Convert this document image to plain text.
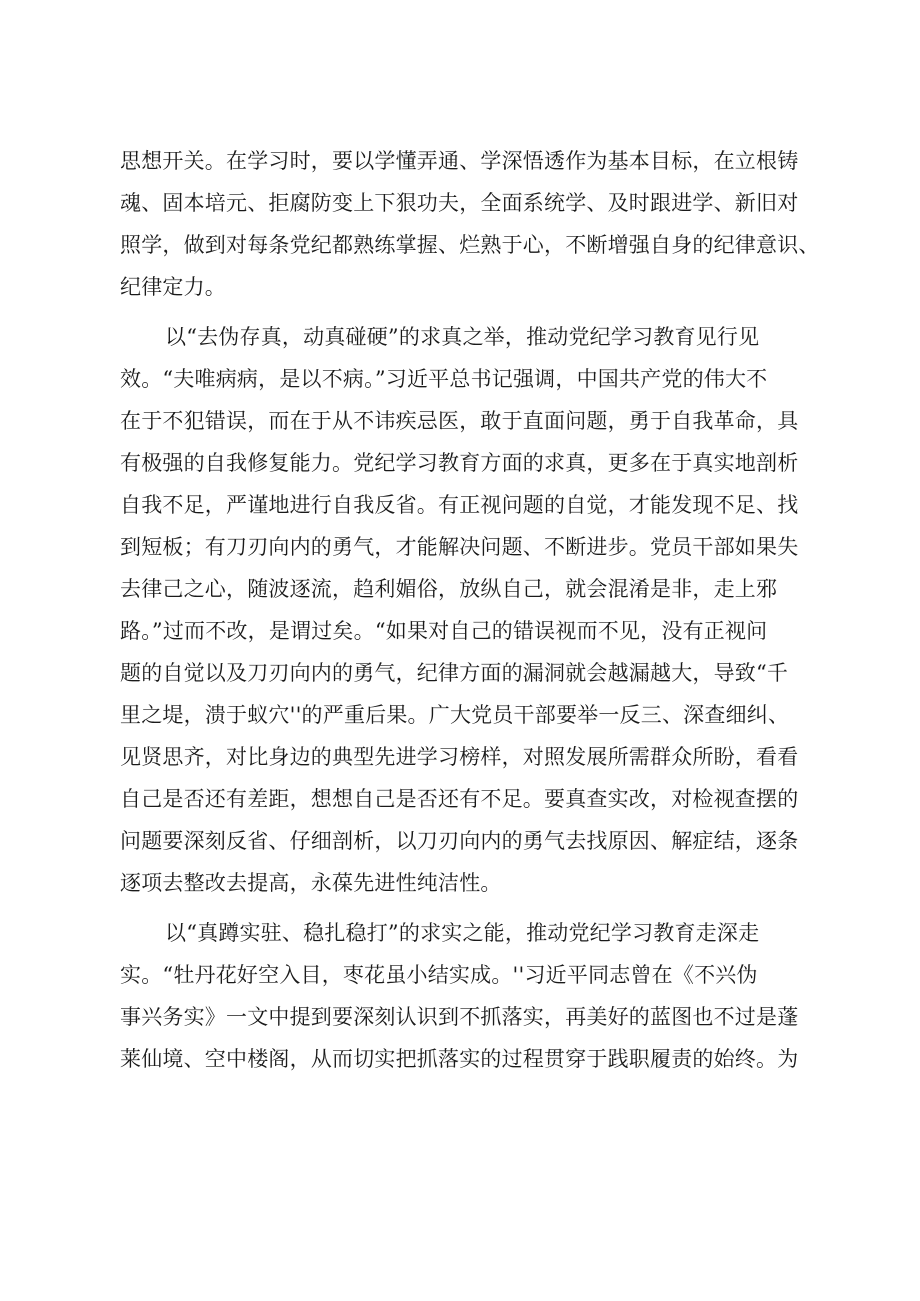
思想开关。在学习时，要以学懂弄通、学深悟透作为基本目标，在立根铸
魂、固本培元、拒腐防变上下狠功夫，全面系统学、及时跟进学、新旧对
照学，做到对每条党纪都熟练掌握、烂熟于心，不断增强自身的纪律意识、
纪律定力。
以“去伪存真，动真碰硬”的求真之举，推动党纪学习教育见行见
效。“夫唯病病，是以不病。”习近平总书记强调，中国共产党的伟大不
在于不犯错误，而在于从不讳疾忌医，敢于直面问题，勇于自我革命，具
有极强的自我修复能力。党纪学习教育方面的求真，更多在于真实地剖析
自我不足，严谨地进行自我反省。有正视问题的自觉，才能发现不足、找
到短板；有刀刃向内的勇气，才能解决问题、不断进步。党员干部如果失
去律己之心，随波逐流，趋利媚俗，放纵自己，就会混淆是非，走上邪
路。”过而不改，是谓过矣。“如果对自己的错误视而不见，没有正视问
题的自觉以及刀刃向内的勇气，纪律方面的漏洞就会越漏越大，导致“千
里之堤，溃于蚁穴''的严重后果。广大党员干部要举一反三、深查细纠、
见贤思齐，对比身边的典型先进学习榜样，对照发展所需群众所盼，看看
自己是否还有差距，想想自己是否还有不足。要真查实改，对检视查摆的
问题要深刻反省、仔细剖析，以刀刃向内的勇气去找原因、解症结，逐条
逐项去整改去提高，永葆先进性纯洁性。
以“真蹲实驻、稳扎稳打”的求实之能，推动党纪学习教育走深走
实。“牡丹花好空入目，枣花虽小结实成。''习近平同志曾在《不兴伪
事兴务实》一文中提到要深刻认识到不抓落实，再美好的蓝图也不过是蓬
莱仙境、空中楼阁，从而切实把抓落实的过程贯穿于践职履责的始终。为
